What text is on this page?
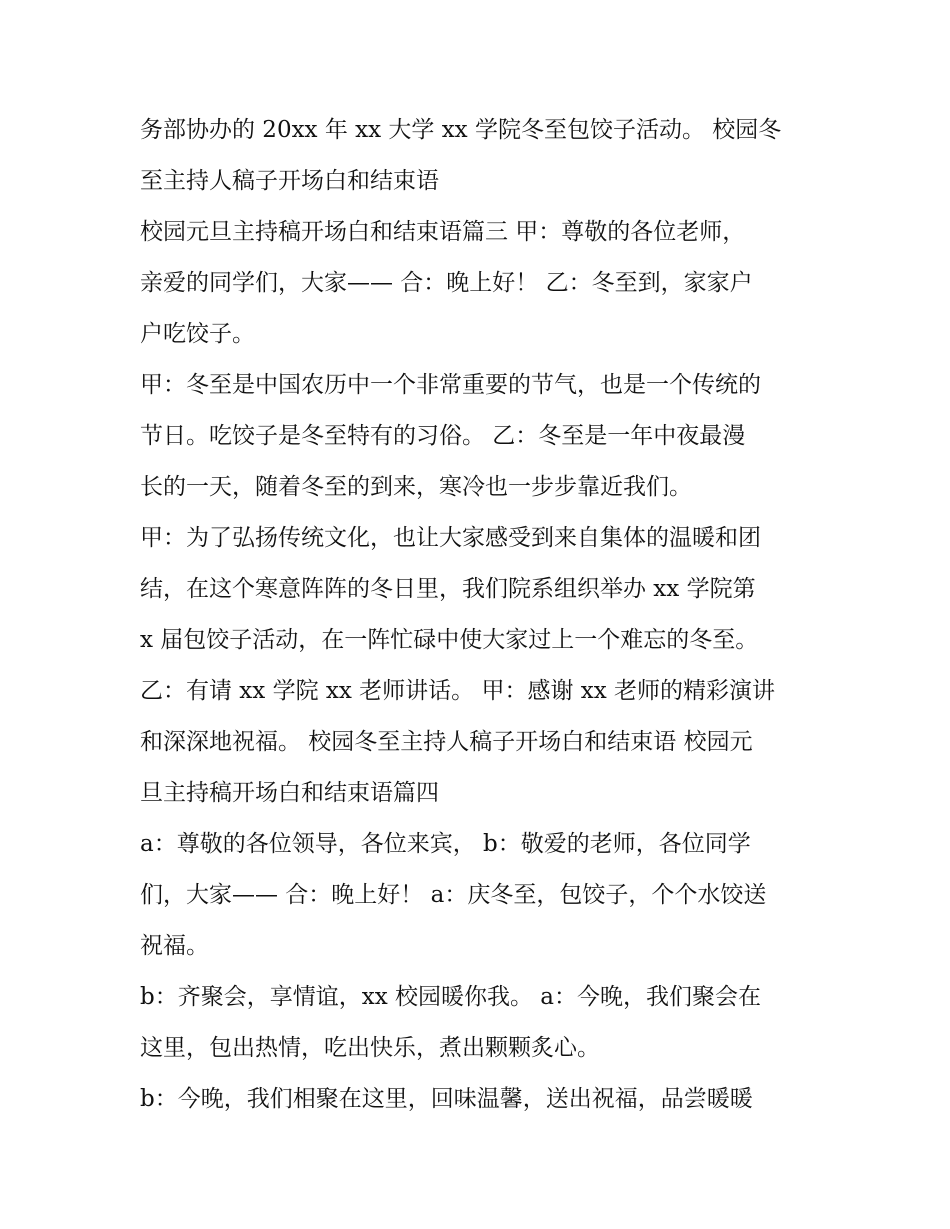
务部协办的 20xx 年 xx 大学 xx 学院冬至包饺子活动。 校园冬
至主持人稿子开场白和结束语
校园元旦主持稿开场白和结束语篇三 甲：尊敬的各位老师，
亲爱的同学们，大家—— 合：晚上好！ 乙：冬至到，家家户
户吃饺子。
甲：冬至是中国农历中一个非常重要的节气，也是一个传统的
节日。吃饺子是冬至特有的习俗。 乙：冬至是一年中夜最漫
长的一天，随着冬至的到来，寒冷也一步步靠近我们。
甲：为了弘扬传统文化，也让大家感受到来自集体的温暖和团
结，在这个寒意阵阵的冬日里，我们院系组织举办 xx 学院第
x 届包饺子活动，在一阵忙碌中使大家过上一个难忘的冬至。
乙：有请 xx 学院 xx 老师讲话。 甲：感谢 xx 老师的精彩演讲
和深深地祝福。 校园冬至主持人稿子开场白和结束语 校园元
旦主持稿开场白和结束语篇四
a：尊敬的各位领导，各位来宾， b：敬爱的老师，各位同学
们，大家—— 合：晚上好！ a：庆冬至，包饺子，个个水饺送
祝福。
b：齐聚会，享情谊，xx 校园暖你我。 a：今晚，我们聚会在
这里，包出热情，吃出快乐，煮出颗颗炙心。
b：今晚，我们相聚在这里，回味温馨，送出祝福，品尝暖暖
